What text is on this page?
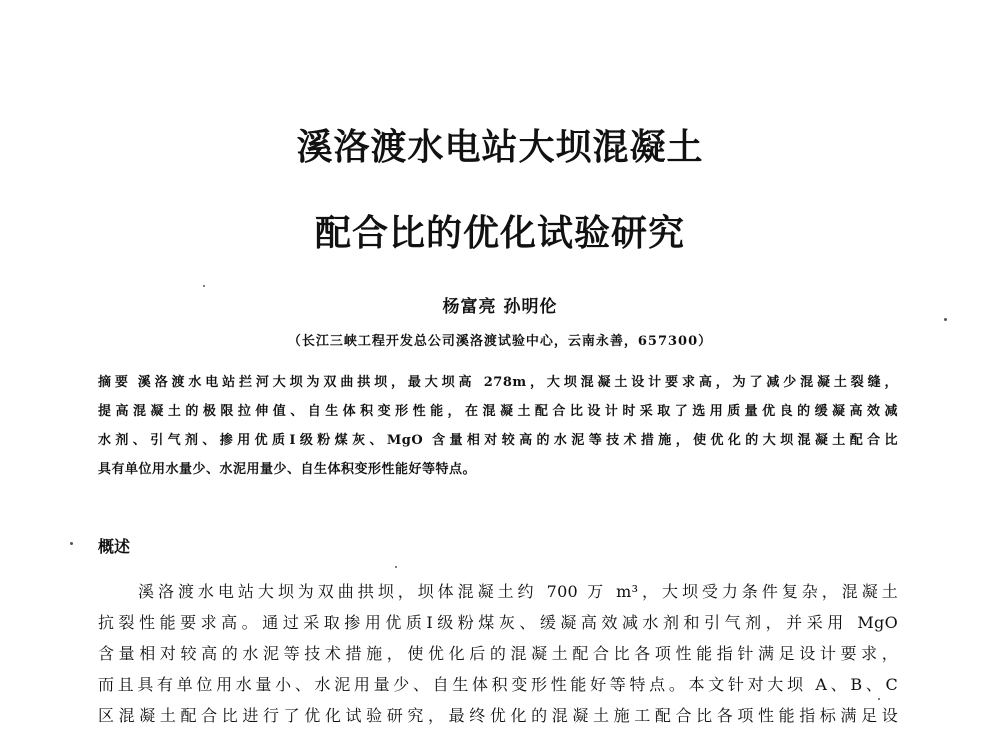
溪洛渡水电站大坝混凝土
配合比的优化试验研究
杨富亮 孙明伦
（长江三峡工程开发总公司溪洛渡试验中心，云南永善，657300）
摘要 溪洛渡水电站拦河大坝为双曲拱坝，最大坝高 278m，大坝混凝土设计要求高，为了减少混凝土裂缝，
提高混凝土的极限拉伸值、自生体积变形性能，在混凝土配合比设计时采取了选用质量优良的缓凝高效减
水剂、引气剂、掺用优质Ⅰ级粉煤灰、MgO 含量相对较高的水泥等技术措施，使优化的大坝混凝土配合比
具有单位用水量少、水泥用量少、自生体积变形性能好等特点。
概述
溪洛渡水电站大坝为双曲拱坝，坝体混凝土约 700 万 m³，大坝受力条件复杂，混凝土
抗裂性能要求高。通过采取掺用优质Ⅰ级粉煤灰、缓凝高效减水剂和引气剂，并采用 MgO
含量相对较高的水泥等技术措施，使优化后的混凝土配合比各项性能指针满足设计要求，
而且具有单位用水量小、水泥用量少、自生体积变形性能好等特点。本文针对大坝 A、B、C
区混凝土配合比进行了优化试验研究，最终优化的混凝土施工配合比各项性能指标满足设
